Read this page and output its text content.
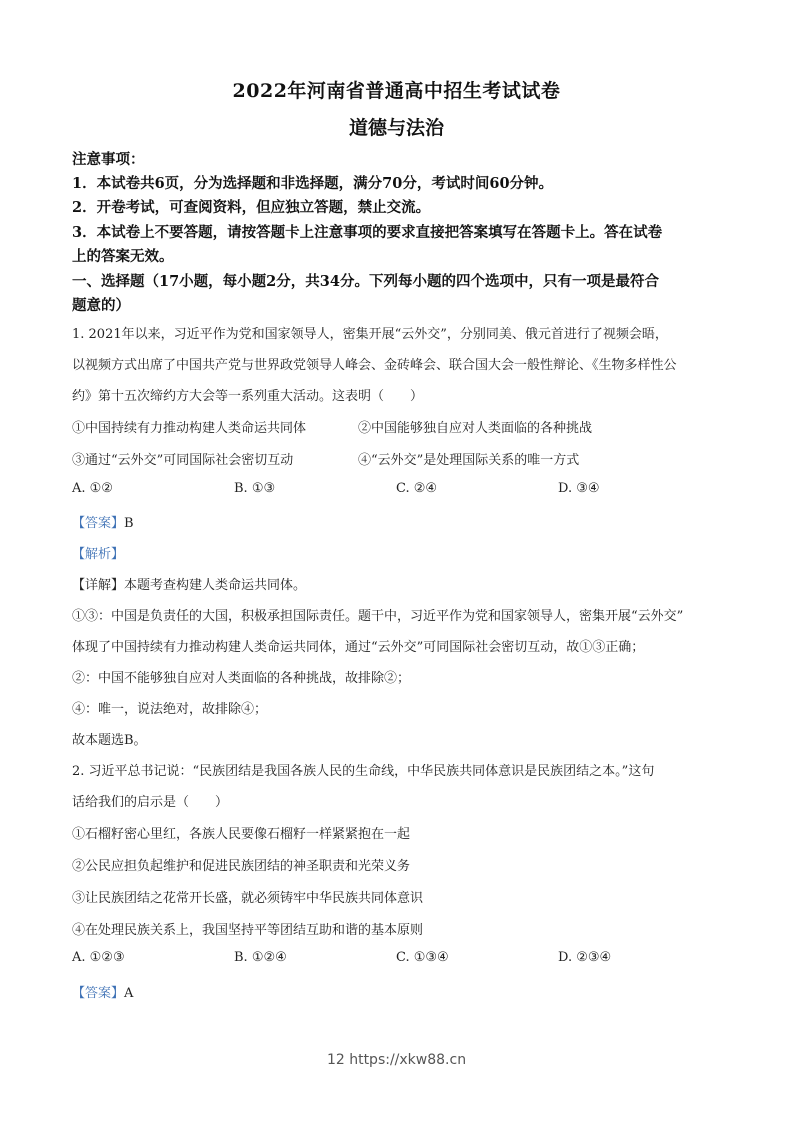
2022年河南省普通高中招生考试试卷
道德与法治
注意事项：
1．本试卷共6页，分为选择题和非选择题，满分70分，考试时间60分钟。
2．开卷考试，可查阅资料，但应独立答题，禁止交流。
3．本试卷上不要答题，请按答题卡上注意事项的要求直接把答案填写在答题卡上。答在试卷
上的答案无效。
一、选择题（17小题，每小题2分，共34分。下列每小题的四个选项中，只有一项是最符合
题意的）
1. 2021年以来，习近平作为党和国家领导人，密集开展“云外交”，分别同美、俄元首进行了视频会晤，
以视频方式出席了中国共产党与世界政党领导人峰会、金砖峰会、联合国大会一般性辩论、《生物多样性公
约》第十五次缔约方大会等一系列重大活动。这表明（　　）
①中国持续有力推动构建人类命运共同体	②中国能够独自应对人类面临的各种挑战
③通过“云外交”可同国际社会密切互动	④“云外交”是处理国际关系的唯一方式
A. ①②	B. ①③	C. ②④	D. ③④
【答案】B
【解析】
【详解】本题考查构建人类命运共同体。
①③：中国是负责任的大国，积极承担国际责任。题干中，习近平作为党和国家领导人，密集开展“云外交”
体现了中国持续有力推动构建人类命运共同体，通过“云外交”可同国际社会密切互动，故①③正确；
②：中国不能够独自应对人类面临的各种挑战，故排除②；
④：唯一，说法绝对，故排除④；
故本题选B。
2. 习近平总书记说：“民族团结是我国各族人民的生命线，中华民族共同体意识是民族团结之本。”这句
话给我们的启示是（　　）
①石榴籽密心里红，各族人民要像石榴籽一样紧紧抱在一起
②公民应担负起维护和促进民族团结的神圣职责和光荣义务
③让民族团结之花常开长盛，就必须铸牢中华民族共同体意识
④在处理民族关系上，我国坚持平等团结互助和谐的基本原则
A. ①②③	B. ①②④	C. ①③④	D. ②③④
【答案】A
12 https://xkw88.cn
